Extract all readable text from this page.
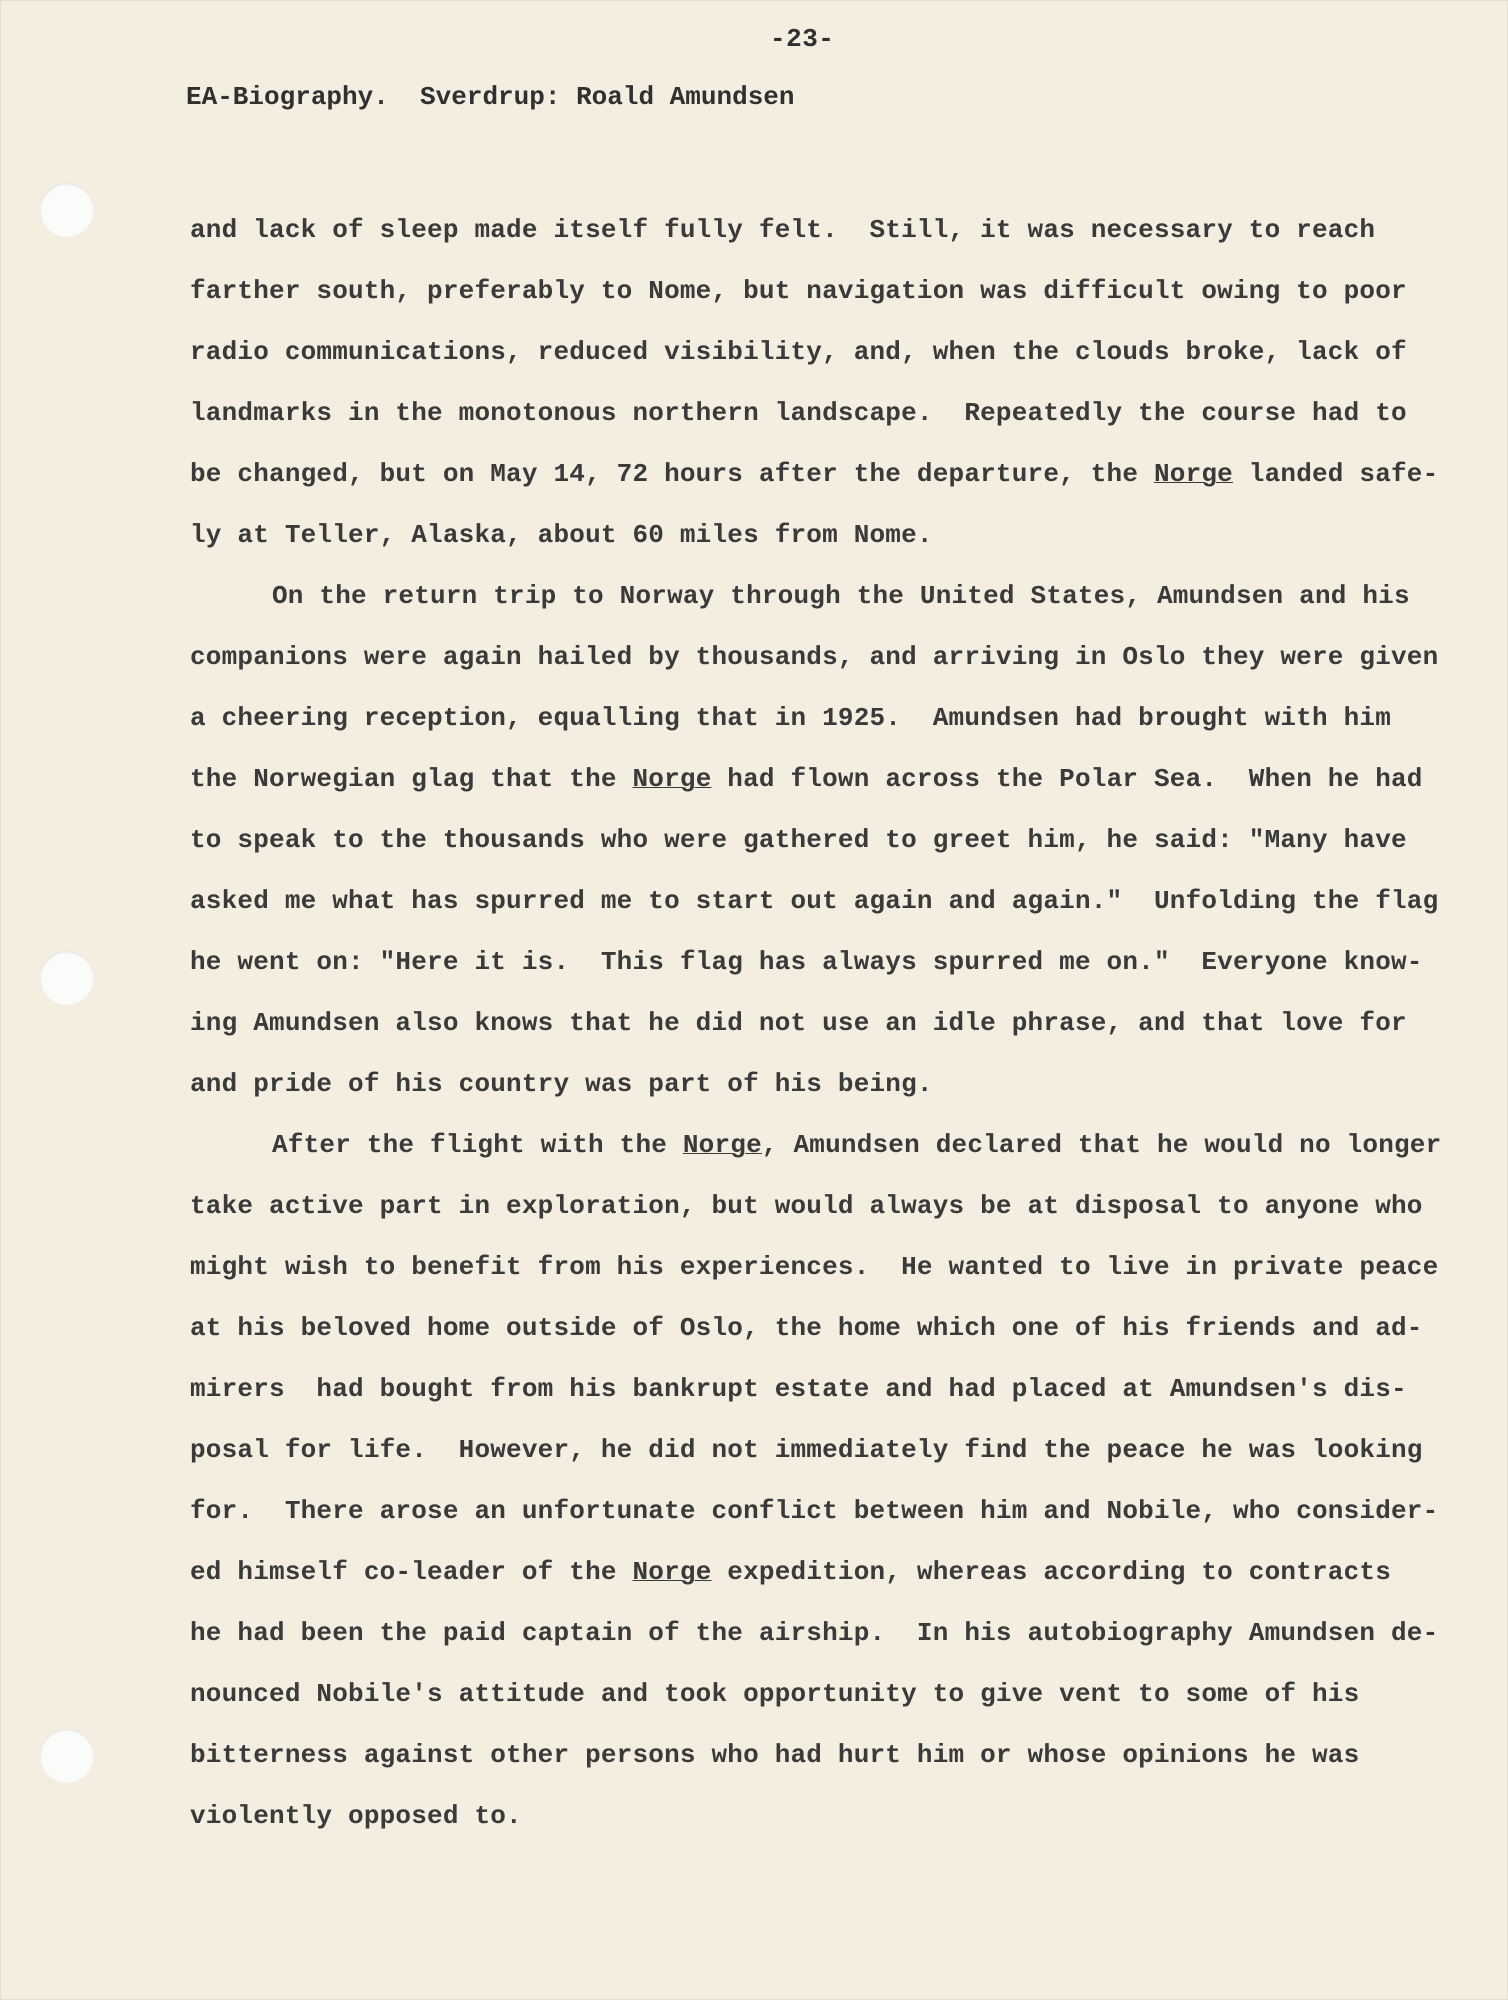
-23-
EA-Biography.  Sverdrup: Roald Amundsen
and lack of sleep made itself fully felt.  Still, it was necessary to reach
farther south, preferably to Nome, but navigation was difficult owing to poor
radio communications, reduced visibility, and, when the clouds broke, lack of
landmarks in the monotonous northern landscape.  Repeatedly the course had to
be changed, but on May 14, 72 hours after the departure, the Norge landed safe-
ly at Teller, Alaska, about 60 miles from Nome.
On the return trip to Norway through the United States, Amundsen and his
companions were again hailed by thousands, and arriving in Oslo they were given
a cheering reception, equalling that in 1925.  Amundsen had brought with him
the Norwegian glag that the Norge had flown across the Polar Sea.  When he had
to speak to the thousands who were gathered to greet him, he said: "Many have
asked me what has spurred me to start out again and again."  Unfolding the flag
he went on: "Here it is.  This flag has always spurred me on."  Everyone know-
ing Amundsen also knows that he did not use an idle phrase, and that love for
and pride of his country was part of his being.
After the flight with the Norge, Amundsen declared that he would no longer
take active part in exploration, but would always be at disposal to anyone who
might wish to benefit from his experiences.  He wanted to live in private peace
at his beloved home outside of Oslo, the home which one of his friends and ad-
mirers  had bought from his bankrupt estate and had placed at Amundsen's dis-
posal for life.  However, he did not immediately find the peace he was looking
for.  There arose an unfortunate conflict between him and Nobile, who consider-
ed himself co-leader of the Norge expedition, whereas according to contracts
he had been the paid captain of the airship.  In his autobiography Amundsen de-
nounced Nobile's attitude and took opportunity to give vent to some of his
bitterness against other persons who had hurt him or whose opinions he was
violently opposed to.
